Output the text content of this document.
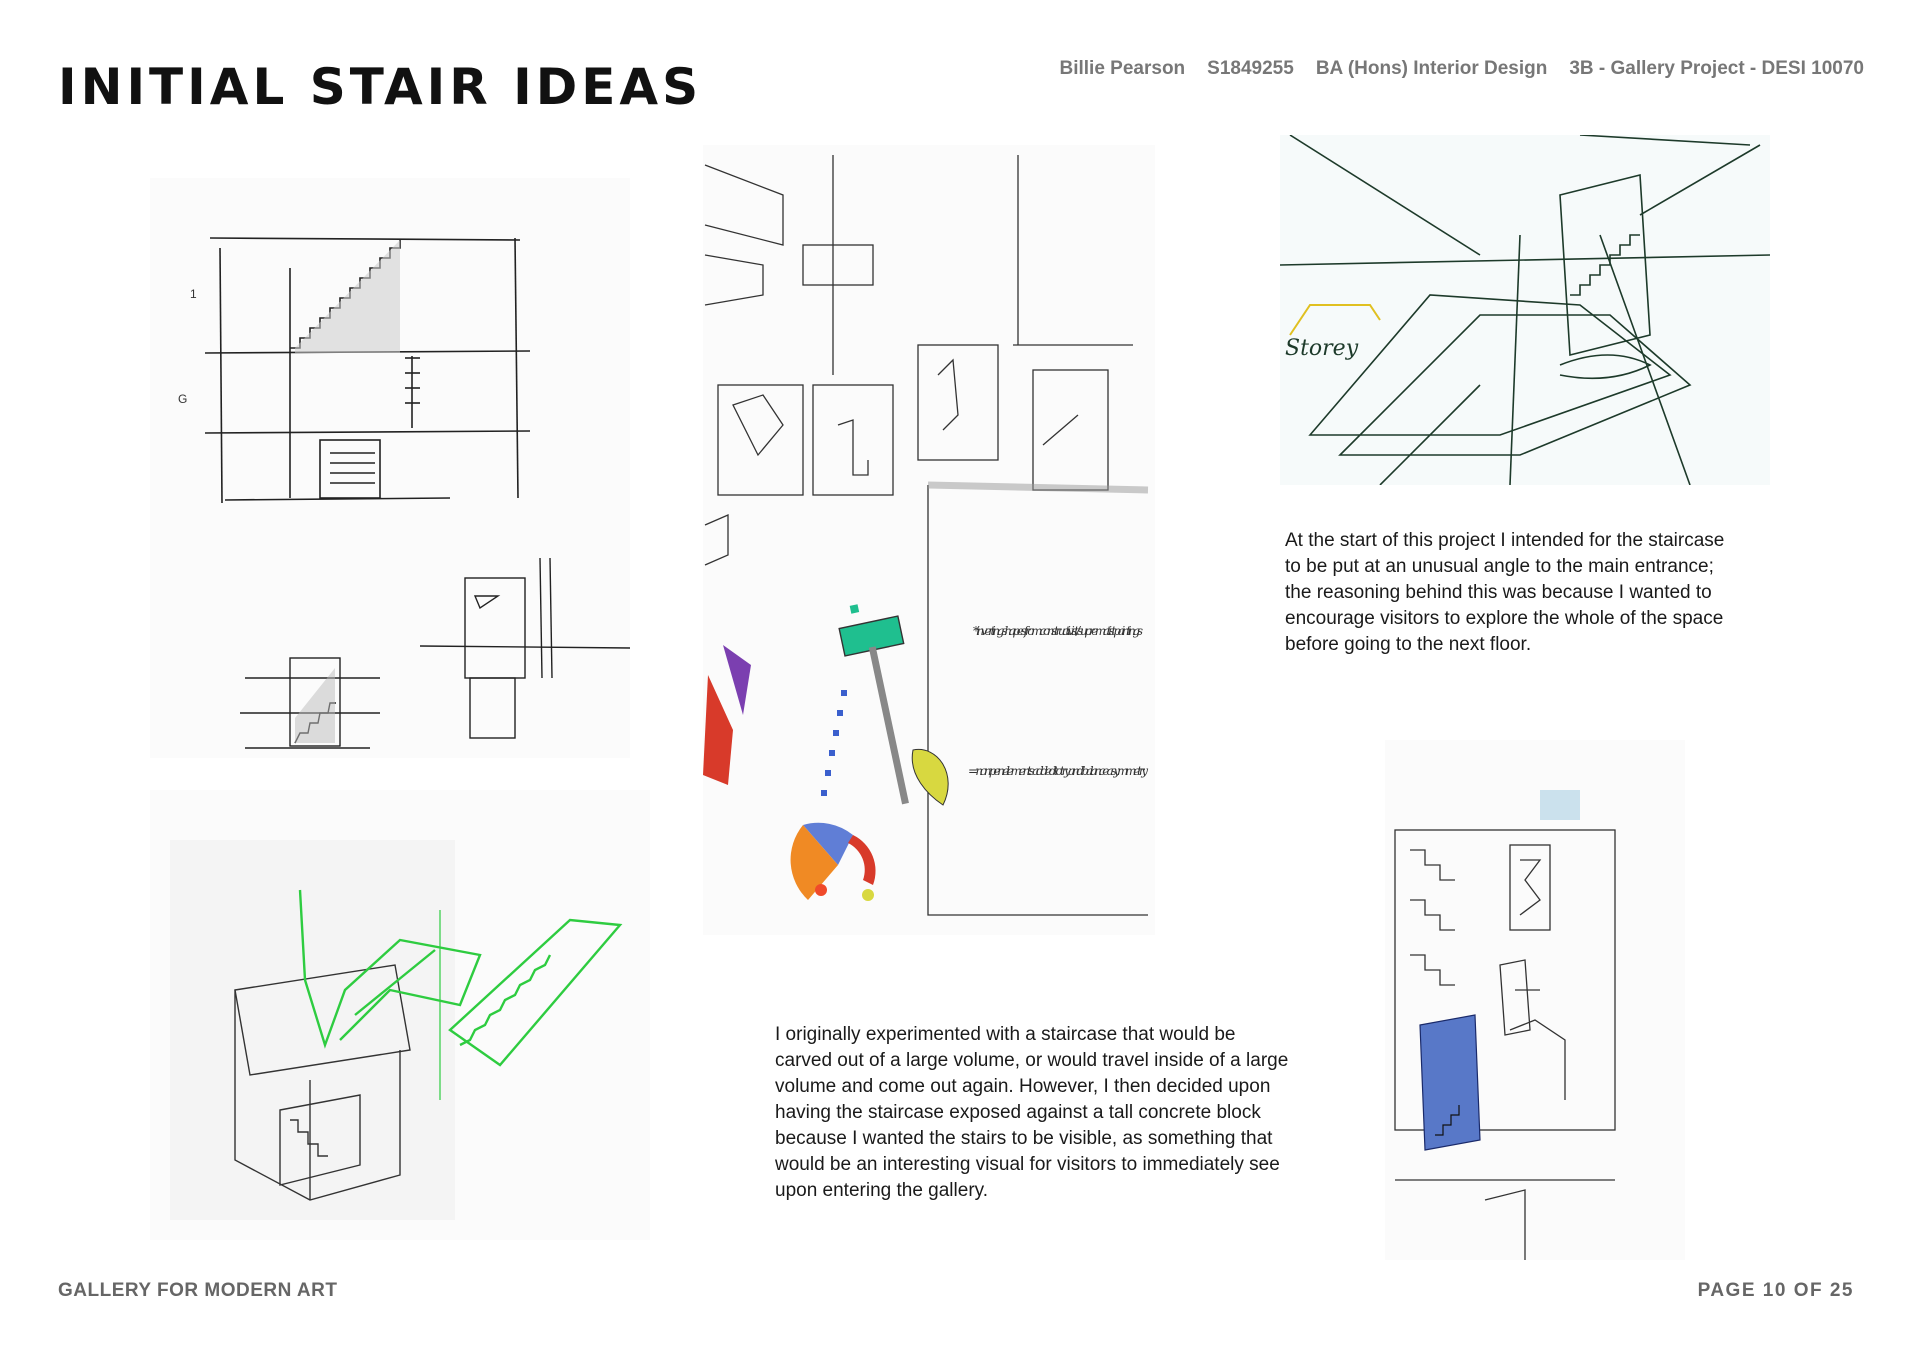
INITIAL STAIR IDEAS	Billie Pearson S1849255 BA (Hons) Interior Design 3B - Gallery Project - DESI 10070
1
G
* inverting shapes from constructivist / suprematist paintings
= non pen elements added to try and balance asymmetry
Storey

At the start of this project I intended for the staircase to be put at an unusual angle to the main entrance; the reasoning behind this was because I wanted to encourage visitors to explore the whole of the space before going to the next floor.

I originally experimented with a staircase that would be carved out of a large volume, or would travel inside of a large volume and come out again. However, I then decided upon having the staircase exposed against a tall concrete block because I wanted the stairs to be visible, as something that would be an interesting visual for visitors to immediately see upon entering the gallery.

GALLERY FOR MODERN ART	PAGE 10 OF 25
